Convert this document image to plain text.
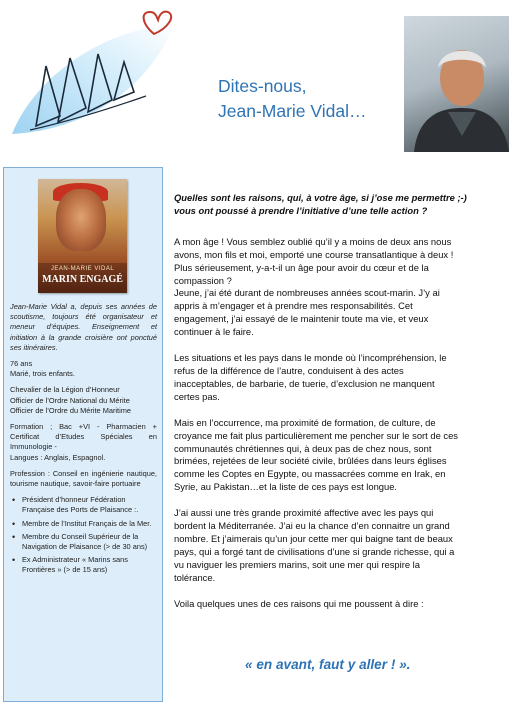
Dites-nous,
Jean-Marie Vidal…
JEAN-MARIE VIDAL
MARIN ENGAGÉ

Jean-Marie Vidal a, depuis ses années de scoutisme, toujours été organisateur et meneur d’équipes. Enseignement et initiation à la grande croisière ont ponctué ses itinéraires.

76 ans
Marié, trois enfants.

Chevalier de la Légion d’Honneur
Officier de l’Ordre National du Mérite
Officier de l’Ordre du Mérite Maritime

Formation ; Bac +VI - Pharmacien + Certificat d’Etudes Spéciales en Immunologie -
Langues : Anglais, Espagnol.

Profession : Conseil en ingénierie nautique, tourisme nautique, savoir-faire portuaire

• Président d’honneur Fédération Française des Ports de Plaisance :.
• Membre de l’Institut Français de la Mer.
• Membre du Conseil Supérieur de la Navigation de Plaisance (> de 30 ans)
• Ex Administrateur « Marins sans Frontières » (> de 15 ans)

Quelles sont les raisons, qui, à votre âge, si j’ose me permettre ;-)
vous ont poussé à prendre l’initiative d’une telle action ?

A mon âge ! Vous semblez oublié qu’il y a moins de deux ans nous
avons, mon fils et moi, emporté une course transatlantique à deux !
Plus sérieusement, y-a-t-il un âge pour avoir du cœur et de la
compassion ?
Jeune, j’ai été durant de nombreuses années scout-marin. J’y ai
appris à m’engager et à prendre mes responsabilités. Cet
engagement, j’ai essayé de le maintenir toute ma vie, et veux
continuer à le faire.

Les situations et les pays dans le monde où l’incompréhension, le
refus de la différence de l’autre, conduisent à des actes
inacceptables, de barbarie, de tuerie, d’exclusion ne manquent
certes pas.

Mais en l’occurrence, ma proximité de formation, de culture, de
croyance me fait plus particulièrement me pencher sur le sort de ces
communautés chrétiennes qui, à deux pas de chez nous, sont
brimées, rejetées de leur société civile, brûlées dans leurs églises
comme les Coptes en Egypte, ou massacrées comme en Irak, en
Syrie, au Pakistan…et la liste de ces pays est longue.

J’ai aussi une très grande proximité affective avec les pays qui
bordent la Méditerranée. J’ai eu la chance d’en connaitre un grand
nombre. Et j’aimerais qu’un jour cette mer qui baigne tant de beaux
pays, qui a forgé tant de civilisations d’une si grande richesse, qui a
vu naviguer les premiers marins, soit une mer qui respire la
tolérance.

Voila quelques unes de ces raisons qui me poussent à dire :

« en avant, faut y aller ! ».
